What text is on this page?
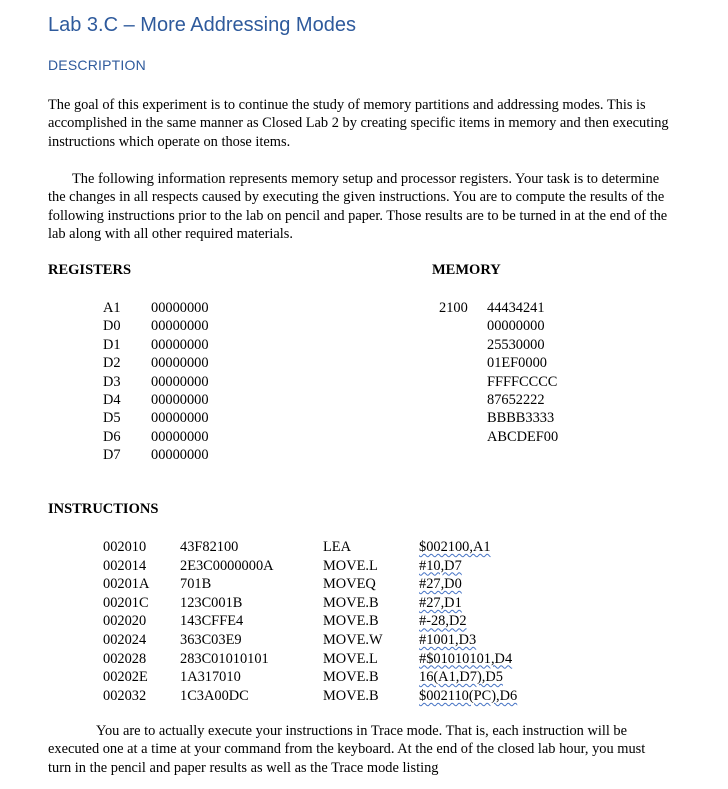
Lab 3.C – More Addressing Modes
DESCRIPTION

The goal of this experiment is to continue the study of memory partitions and addressing modes. This is accomplished in the same manner as Closed Lab 2 by creating specific items in memory and then executing instructions which operate on those items.

The following information represents memory setup and processor registers. Your task is to determine the changes in all respects caused by executing the given instructions. You are to compute the results of the following instructions prior to the lab on pencil and paper. Those results are to be turned in at the end of the lab along with all other required materials.

REGISTERS	MEMORY
A1	00000000
D0	00000000
D1	00000000
D2	00000000
D3	00000000
D4	00000000
D5	00000000
D6	00000000
D7	00000000
2100 44434241
00000000
25530000
01EF0000
FFFFCCCC
87652222
BBBB3333
ABCDEF00
INSTRUCTIONS
002010 43F82100	LEA	$002100,A1
002014 2E3C0000000A	MOVE.L	#10,D7
00201A 701B	MOVEQ	#27,D0
00201C 123C001B	MOVE.B	#27,D1
002020 143CFFE4	MOVE.B	#-28,D2
002024 363C03E9	MOVE.W	#1001,D3
002028 283C01010101	MOVE.L	#$01010101,D4
00202E 1A317010	MOVE.B	16(A1,D7),D5
002032 1C3A00DC	MOVE.B	$002110(PC),D6

You are to actually execute your instructions in Trace mode. That is, each instruction will be executed one at a time at your command from the keyboard. At the end of the closed lab hour, you must turn in the pencil and paper results as well as the Trace mode listing
